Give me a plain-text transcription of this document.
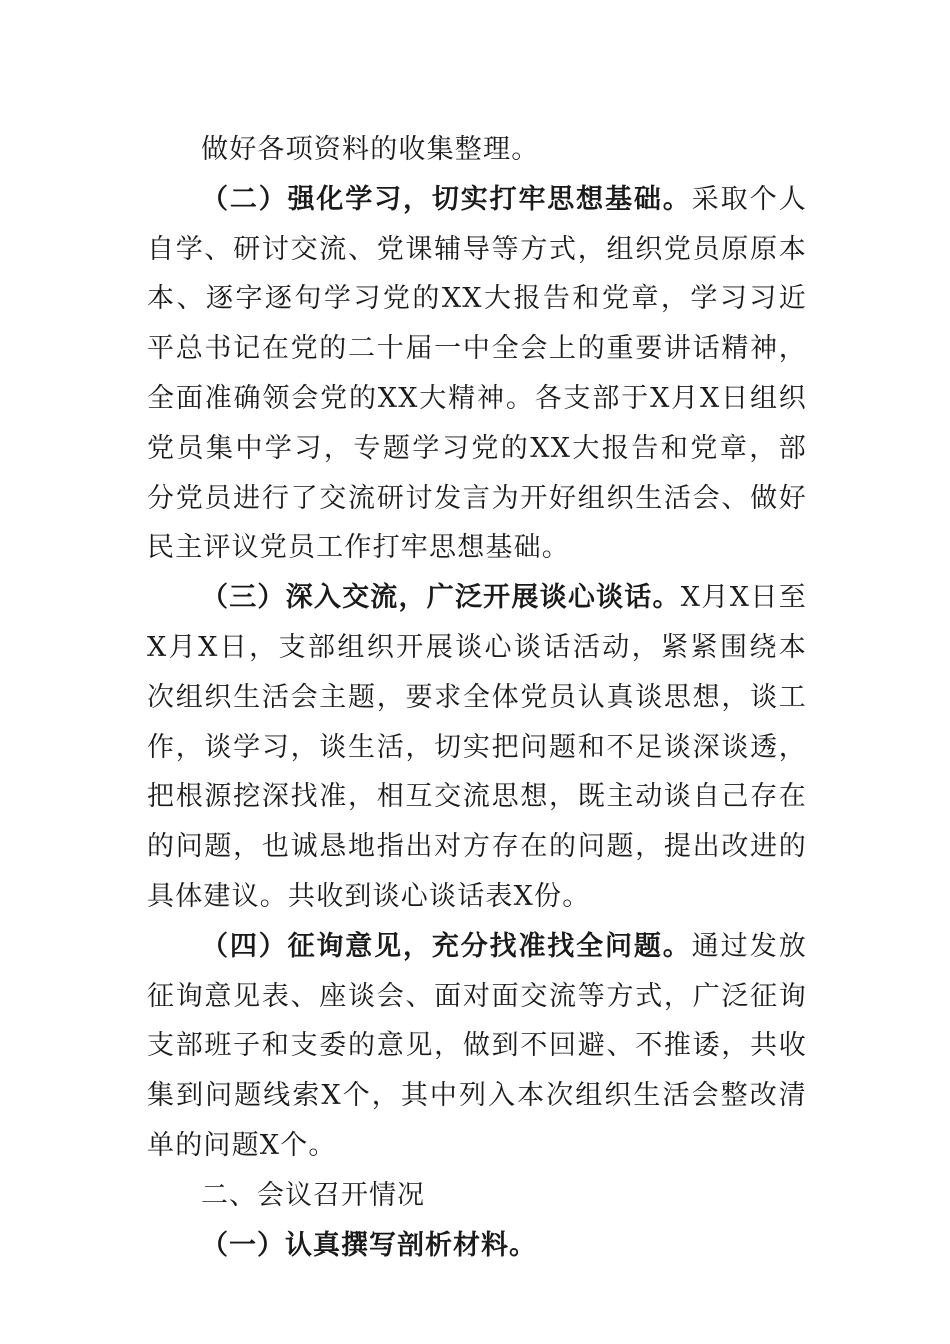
做好各项资料的收集整理。

（二）强化学习，切实打牢思想基础。采取个人自学、研讨交流、党课辅导等方式，组织党员原原本本、逐字逐句学习党的XX大报告和党章，学习习近平总书记在党的二十届一中全会上的重要讲话精神，全面准确领会党的XX大精神。各支部于X月X日组织党员集中学习，专题学习党的XX大报告和党章，部分党员进行了交流研讨发言为开好组织生活会、做好民主评议党员工作打牢思想基础。

（三）深入交流，广泛开展谈心谈话。X月X日至X月X日，支部组织开展谈心谈话活动，紧紧围绕本次组织生活会主题，要求全体党员认真谈思想，谈工作，谈学习，谈生活，切实把问题和不足谈深谈透，把根源挖深找准，相互交流思想，既主动谈自己存在的问题，也诚恳地指出对方存在的问题，提出改进的具体建议。共收到谈心谈话表X份。

（四）征询意见，充分找准找全问题。通过发放征询意见表、座谈会、面对面交流等方式，广泛征询支部班子和支委的意见，做到不回避、不推诿，共收集到问题线索X个，其中列入本次组织生活会整改清单的问题X个。

二、会议召开情况

（一）认真撰写剖析材料。
